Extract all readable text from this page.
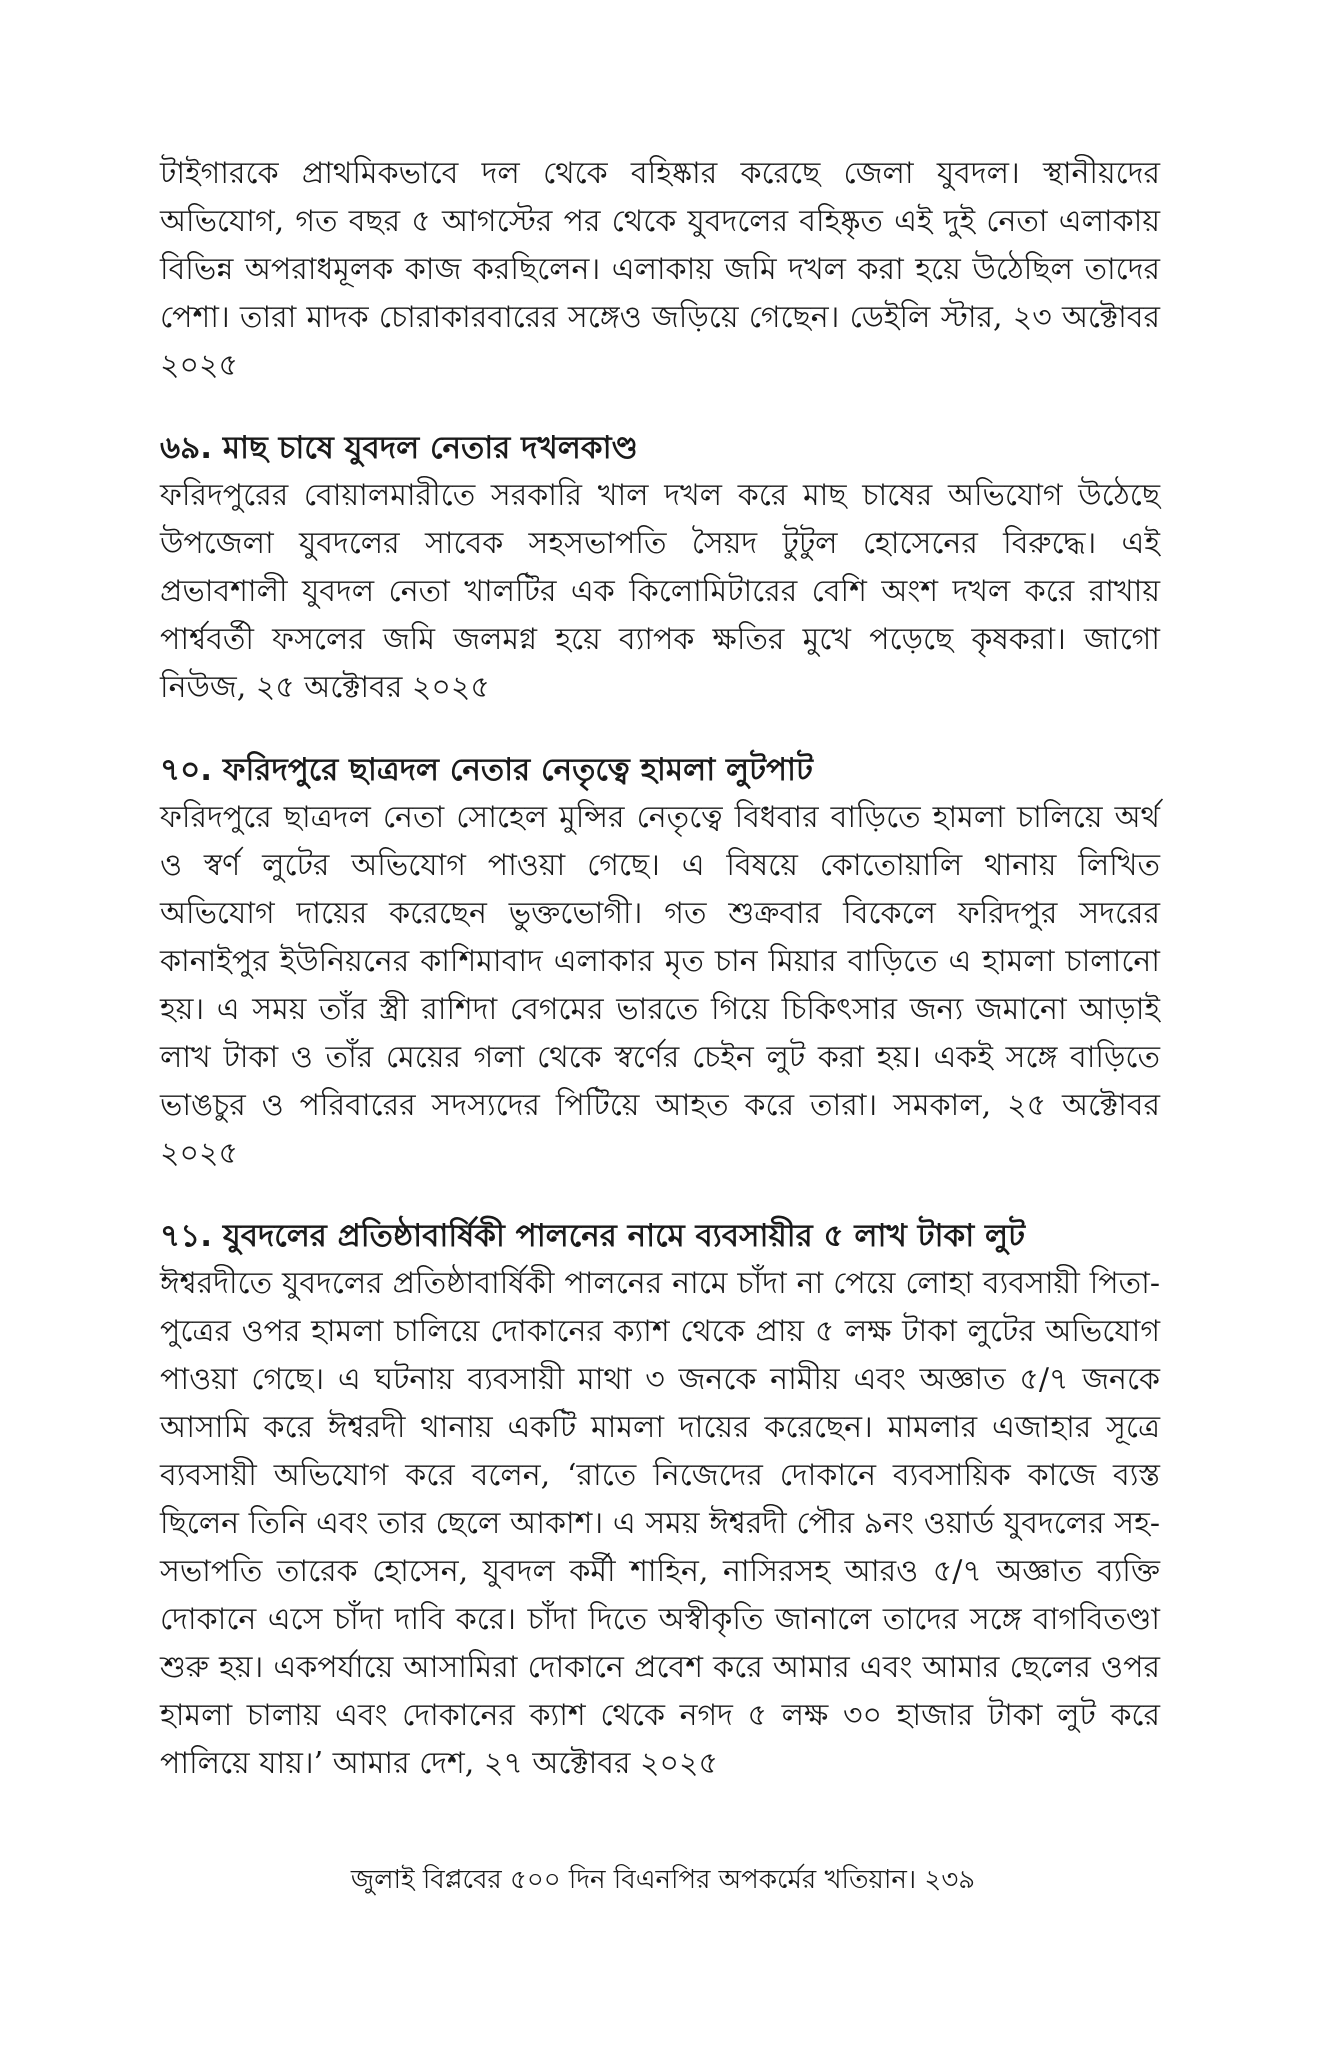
টাইগারকে প্রাথমিকভাবে দল থেকে বহিষ্কার করেছে জেলা যুবদল। স্থানীয়দের অভিযোগ, গত বছর ৫ আগস্টের পর থেকে যুবদলের বহিষ্কৃত এই দুই নেতা এলাকায় বিভিন্ন অপরাধমূলক কাজ করছিলেন। এলাকায় জমি দখল করা হয়ে উঠেছিল তাদের পেশা। তারা মাদক চোরাকারবারের সঙ্গেও জড়িয়ে গেছেন। ডেইলি স্টার, ২৩ অক্টোবর ২০২৫

৬৯. মাছ চাষে যুবদল নেতার দখলকাণ্ড

ফরিদপুরের বোয়ালমারীতে সরকারি খাল দখল করে মাছ চাষের অভিযোগ উঠেছে উপজেলা যুবদলের সাবেক সহসভাপতি সৈয়দ টুটুল হোসেনের বিরুদ্ধে। এই প্রভাবশালী যুবদল নেতা খালটির এক কিলোমিটারের বেশি অংশ দখল করে রাখায় পার্শ্ববর্তী ফসলের জমি জলমগ্ন হয়ে ব্যাপক ক্ষতির মুখে পড়েছে কৃষকরা। জাগো নিউজ, ২৫ অক্টোবর ২০২৫

৭০. ফরিদপুরে ছাত্রদল নেতার নেতৃত্বে হামলা লুটপাট

ফরিদপুরে ছাত্রদল নেতা সোহেল মুন্সির নেতৃত্বে বিধবার বাড়িতে হামলা চালিয়ে অর্থ ও স্বর্ণ লুটের অভিযোগ পাওয়া গেছে। এ বিষয়ে কোতোয়ালি থানায় লিখিত অভিযোগ দায়ের করেছেন ভুক্তভোগী। গত শুক্রবার বিকেলে ফরিদপুর সদরের কানাইপুর ইউনিয়নের কাশিমাবাদ এলাকার মৃত চান মিয়ার বাড়িতে এ হামলা চালানো হয়। এ সময় তাঁর স্ত্রী রাশিদা বেগমের ভারতে গিয়ে চিকিৎসার জন্য জমানো আড়াই লাখ টাকা ও তাঁর মেয়ের গলা থেকে স্বর্ণের চেইন লুট করা হয়। একই সঙ্গে বাড়িতে ভাঙচুর ও পরিবারের সদস্যদের পিটিয়ে আহত করে তারা। সমকাল, ২৫ অক্টোবর ২০২৫

৭১. যুবদলের প্রতিষ্ঠাবার্ষিকী পালনের নামে ব্যবসায়ীর ৫ লাখ টাকা লুট

ঈশ্বরদীতে যুবদলের প্রতিষ্ঠাবার্ষিকী পালনের নামে চাঁদা না পেয়ে লোহা ব্যবসায়ী পিতা-পুত্রের ওপর হামলা চালিয়ে দোকানের ক্যাশ থেকে প্রায় ৫ লক্ষ টাকা লুটের অভিযোগ পাওয়া গেছে। এ ঘটনায় ব্যবসায়ী মাথা ৩ জনকে নামীয় এবং অজ্ঞাত ৫/৭ জনকে আসামি করে ঈশ্বরদী থানায় একটি মামলা দায়ের করেছেন। মামলার এজাহার সূত্রে ব্যবসায়ী অভিযোগ করে বলেন, ‘রাতে নিজেদের দোকানে ব্যবসায়িক কাজে ব্যস্ত ছিলেন তিনি এবং তার ছেলে আকাশ। এ সময় ঈশ্বরদী পৌর ৯নং ওয়ার্ড যুবদলের সহ-সভাপতি তারেক হোসেন, যুবদল কর্মী শাহিন, নাসিরসহ আরও ৫/৭ অজ্ঞাত ব্যক্তি দোকানে এসে চাঁদা দাবি করে। চাঁদা দিতে অস্বীকৃতি জানালে তাদের সঙ্গে বাগবিতণ্ডা শুরু হয়। একপর্যায়ে আসামিরা দোকানে প্রবেশ করে আমার এবং আমার ছেলের ওপর হামলা চালায় এবং দোকানের ক্যাশ থেকে নগদ ৫ লক্ষ ৩০ হাজার টাকা লুট করে পালিয়ে যায়।’ আমার দেশ, ২৭ অক্টোবর ২০২৫

জুলাই বিপ্লবের ৫০০ দিন বিএনপির অপকর্মের খতিয়ান। ২৩৯
